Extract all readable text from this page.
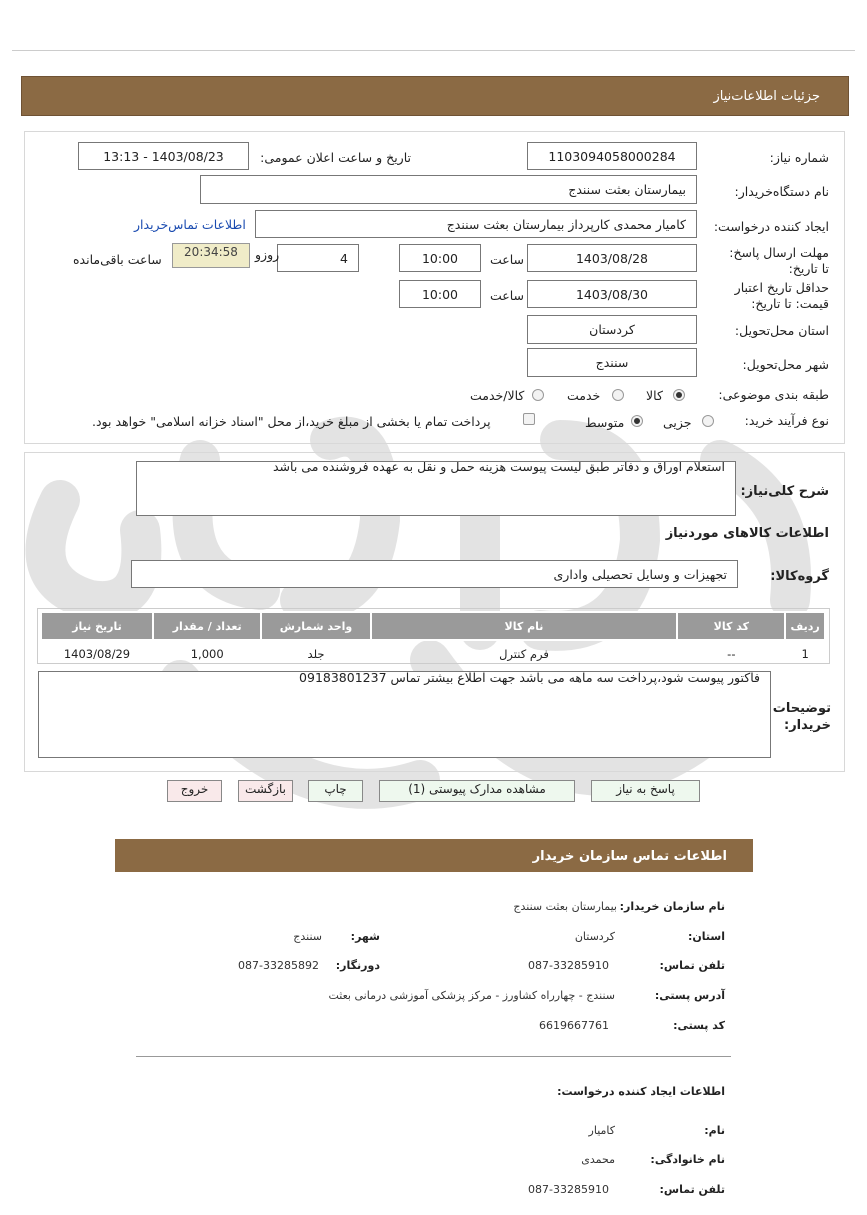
جزئیات اطلاعات‌نیاز
شماره نیاز:
1103094058000284
تاریخ و ساعت اعلان عمومی:
1403/08/23 - 13:13
نام دستگاه‌خریدار:
بیمارستان بعثت سنندج
ایجاد کننده درخواست:
کامیار محمدی کارپرداز بیمارستان بعثت سنندج
اطلاعات تماس‌خریدار
مهلت ارسال پاسخ: تا تاریخ:
1403/08/28
ساعت
10:00
4
روزو
20:34:58
ساعت باقی‌مانده
حداقل تاریخ اعتبار قیمت: تا تاریخ:
1403/08/30
ساعت
10:00
استان محل‌تحویل:
کردستان
شهر محل‌تحویل:
سنندج
طبقه بندی موضوعی:
کالا
خدمت
کالا/خدمت
نوع فرآیند خرید:
جزیی
متوسط
پرداخت تمام یا بخشی از مبلغ خرید،از محل "اسناد خزانه اسلامی" خواهد بود.
شرح کلی‌نیاز:
استعلام اوراق و دفاتر طبق لیست پیوست هزینه حمل و نقل به عهده فروشنده می باشد
اطلاعات کالاهای موردنیاز
گروه‌کالا:
تجهیزات و وسایل تحصیلی واداری
ردیف	کد کالا	نام کالا	واحد شمارش	تعداد / مقدار	تاریخ نیاز
1	--	فرم کنترل	جلد	1,000	1403/08/29
توضیحات خریدار:
فاکتور پیوست شود،پرداخت سه ماهه می باشد جهت اطلاع بیشتر تماس 09183801237
پاسخ به نیاز
مشاهده مدارک پیوستی (1)
چاپ
بازگشت
خروج
اطلاعات تماس سازمان خریدار
نام سازمان خریدار:
بیمارستان بعثت سنندج
استان:
کردستان
شهر:
سنندج
تلفن تماس:
087-33285910
دورنگار:
087-33285892
آدرس پستی:
سنندج - چهارراه کشاورز - مرکز پزشکی آموزشی درمانی بعثت
کد پستی:
6619667761
اطلاعات ایجاد کننده درخواست:
نام:
کامیار
نام خانوادگی:
محمدی
تلفن تماس:
087-33285910
